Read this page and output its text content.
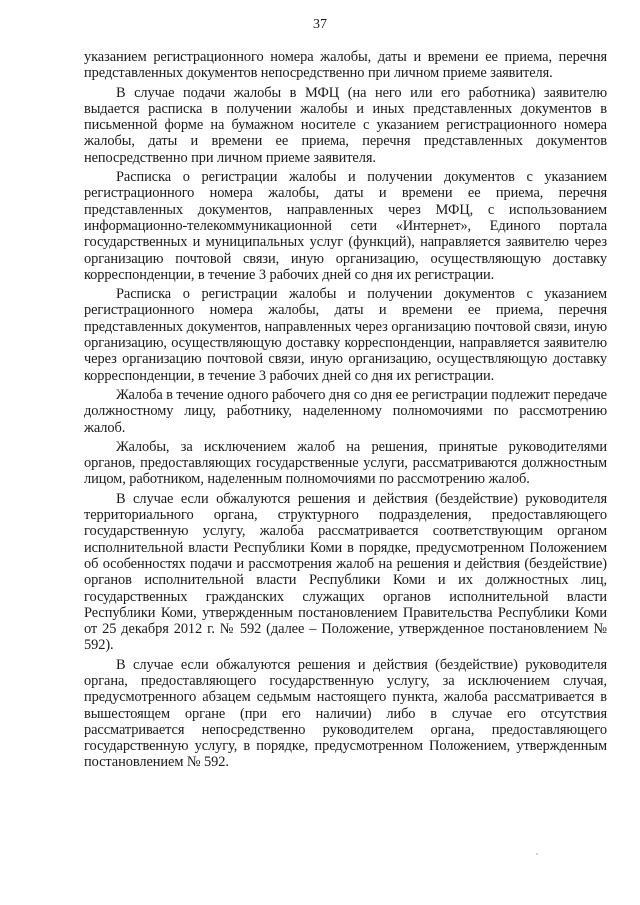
37

указанием регистрационного номера жалобы, даты и времени ее приема, перечня представленных документов непосредственно при личном приеме заявителя.

В случае подачи жалобы в МФЦ (на него или его работника) заявителю выдается расписка в получении жалобы и иных представленных документов в письменной форме на бумажном носителе с указанием регистрационного номера жалобы, даты и времени ее приема, перечня представленных документов непосредственно при личном приеме заявителя.

Расписка о регистрации жалобы и получении документов с указанием регистрационного номера жалобы, даты и времени ее приема, перечня представленных документов, направленных через МФЦ, с использованием информационно-телекоммуникационной сети «Интернет», Единого портала государственных и муниципальных услуг (функций), направляется заявителю через организацию почтовой связи, иную организацию, осуществляющую доставку корреспонденции, в течение 3 рабочих дней со дня их регистрации.

Расписка о регистрации жалобы и получении документов с указанием регистрационного номера жалобы, даты и времени ее приема, перечня представленных документов, направленных через организацию почтовой связи, иную организацию, осуществляющую доставку корреспонденции, направляется заявителю через организацию почтовой связи, иную организацию, осуществляющую доставку корреспонденции, в течение 3 рабочих дней со дня их регистрации.

Жалоба в течение одного рабочего дня со дня ее регистрации подлежит передаче должностному лицу, работнику, наделенному полномочиями по рассмотрению жалоб.

Жалобы, за исключением жалоб на решения, принятые руководителями органов, предоставляющих государственные услуги, рассматриваются должностным лицом, работником, наделенным полномочиями по рассмотрению жалоб.

В случае если обжалуются решения и действия (бездействие) руководителя территориального органа, структурного подразделения, предоставляющего государственную услугу, жалоба рассматривается соответствующим органом исполнительной власти Республики Коми в порядке, предусмотренном Положением об особенностях подачи и рассмотрения жалоб на решения и действия (бездействие) органов исполнительной власти Республики Коми и их должностных лиц, государственных гражданских служащих органов исполнительной власти Республики Коми, утвержденным постановлением Правительства Республики Коми от 25 декабря 2012 г. № 592 (далее – Положение, утвержденное постановлением № 592).

В случае если обжалуются решения и действия (бездействие) руководителя органа, предоставляющего государственную услугу, за исключением случая, предусмотренного абзацем седьмым настоящего пункта, жалоба рассматривается в вышестоящем органе (при его наличии) либо в случае его отсутствия рассматривается непосредственно руководителем органа, предоставляющего государственную услугу, в порядке, предусмотренном Положением, утвержденным постановлением № 592.
